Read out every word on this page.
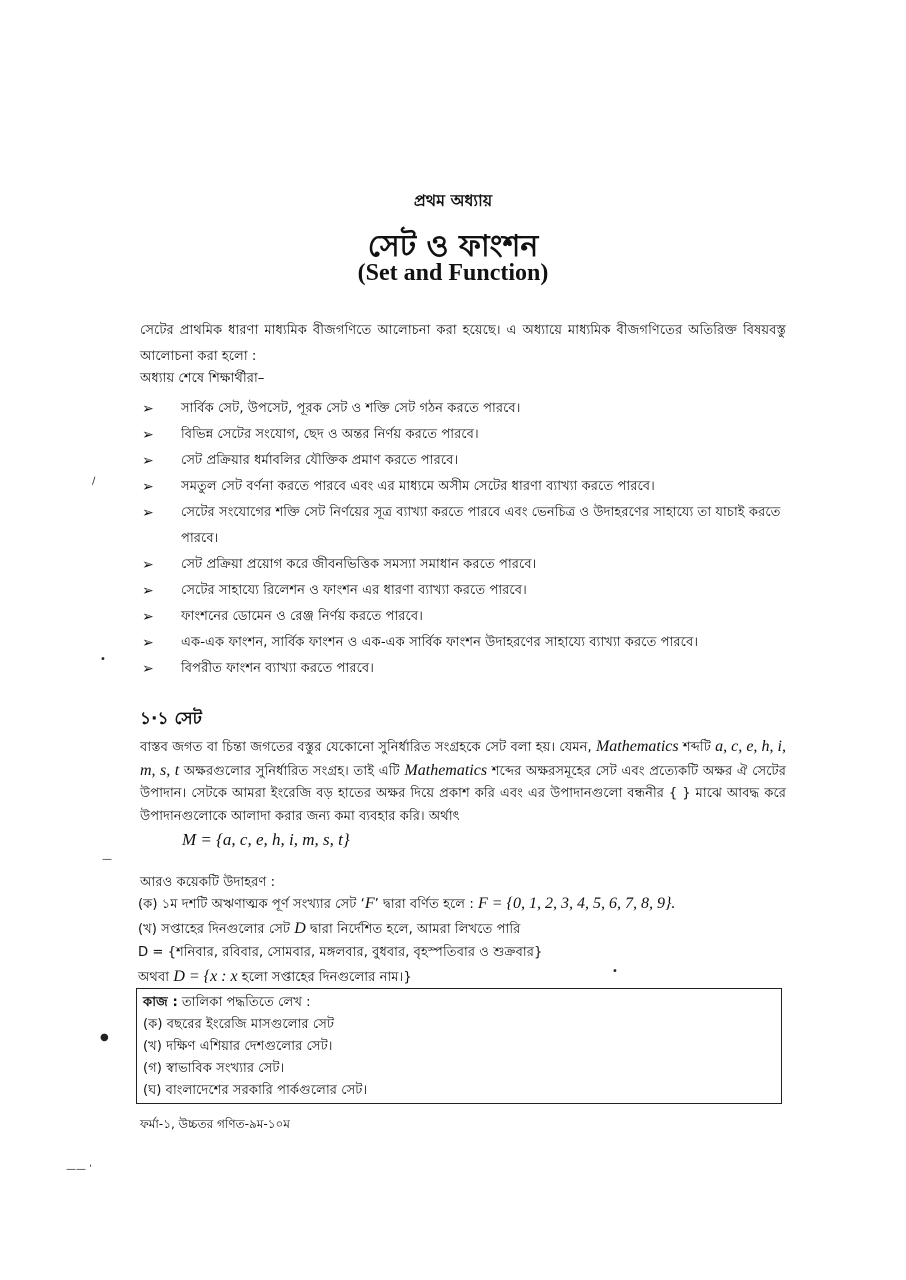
প্রথম অধ্যায়
সেট ও ফাংশন
(Set and Function)

সেটের প্রাথমিক ধারণা মাধ্যমিক বীজগণিতে আলোচনা করা হয়েছে। এ অধ্যায়ে মাধ্যমিক বীজগণিতের অতিরিক্ত বিষয়বস্তু আলোচনা করা হলো :

অধ্যায় শেষে শিক্ষার্থীরা–

➢ সার্বিক সেট, উপসেট, পূরক সেট ও শক্তি সেট গঠন করতে পারবে।
➢ বিভিন্ন সেটের সংযোগ, ছেদ ও অন্তর নির্ণয় করতে পারবে।
➢ সেট প্রক্রিয়ার ধর্মাবলির যৌক্তিক প্রমাণ করতে পারবে।
➢ সমতুল সেট বর্ণনা করতে পারবে এবং এর মাধ্যমে অসীম সেটের ধারণা ব্যাখ্যা করতে পারবে।
➢ সেটের সংযোগের শক্তি সেট নির্ণয়ের সূত্র ব্যাখ্যা করতে পারবে এবং ভেনচিত্র ও উদাহরণের সাহায্যে তা যাচাই করতে পারবে।
➢ সেট প্রক্রিয়া প্রয়োগ করে জীবনভিত্তিক সমস্যা সমাধান করতে পারবে।
➢ সেটের সাহায্যে রিলেশন ও ফাংশন এর ধারণা ব্যাখ্যা করতে পারবে।
➢ ফাংশনের ডোমেন ও রেঞ্জ নির্ণয় করতে পারবে।
➢ এক-এক ফাংশন, সার্বিক ফাংশন ও এক-এক সার্বিক ফাংশন উদাহরণের সাহায্যে ব্যাখ্যা করতে পারবে।
➢ বিপরীত ফাংশন ব্যাখ্যা করতে পারবে।
১·১ সেট

বাস্তব জগত বা চিন্তা জগতের বস্তুর যেকোনো সুনির্ধারিত সংগ্রহকে সেট বলা হয়। যেমন, Mathematics শব্দটি a, c, e, h, i, m, s, t অক্ষরগুলোর সুনির্ধারিত সংগ্রহ। তাই এটি Mathematics শব্দের অক্ষরসমূহের সেট এবং প্রত্যেকটি অক্ষর ঐ সেটের উপাদান। সেটকে আমরা ইংরেজি বড় হাতের অক্ষর দিয়ে প্রকাশ করি এবং এর উপাদানগুলো বন্ধনীর { } মাঝে আবদ্ধ করে উপাদানগুলোকে আলাদা করার জন্য কমা ব্যবহার করি। অর্থাৎ

M = {a, c, e, h, i, m, s, t}

আরও কয়েকটি উদাহরণ :

(ক) ১ম দশটি অঋণাত্মক পূর্ণ সংখ্যার সেট ‘F’ দ্বারা বর্ণিত হলে : F = {0, 1, 2, 3, 4, 5, 6, 7, 8, 9}.
(খ) সপ্তাহের দিনগুলোর সেট D দ্বারা নির্দেশিত হলে, আমরা লিখতে পারি
D = {শনিবার, রবিবার, সোমবার, মঙ্গলবার, বুধবার, বৃহস্পতিবার ও শুক্রবার}
অথবা D = {x : x হলো সপ্তাহের দিনগুলোর নাম।}

কাজ : তালিকা পদ্ধতিতে লেখ :

(ক) বছরের ইংরেজি মাসগুলোর সেট
(খ) দক্ষিণ এশিয়ার দেশগুলোর সেট।
(গ) স্বাভাবিক সংখ্যার সেট।
(ঘ) বাংলাদেশের সরকারি পার্কগুলোর সেট।

ফর্মা-১, উচ্চতর গণিত-৯ম-১০ম

∕
•
—
●
•
—— ˈ
